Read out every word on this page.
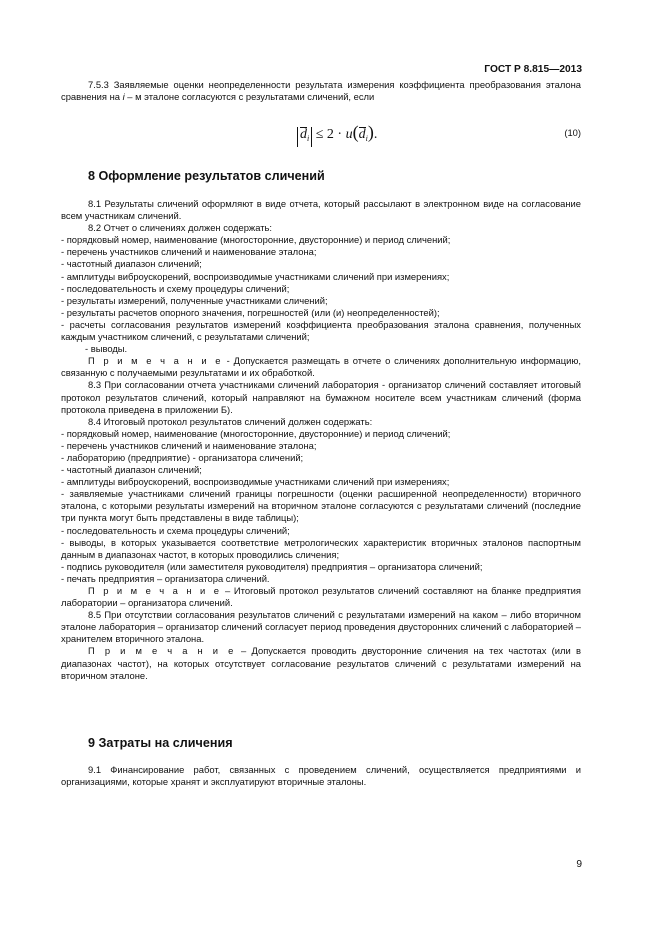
ГОСТ Р 8.815—2013

7.5.3 Заявляемые оценки неопределенности результата измерения коэффициента преобразования эталона сравнения на i – м эталоне согласуются с результатами сличений, если

$d_i \le 2 \cdot u(d_i)$.	(10)
8 Оформление результатов сличений

8.1 Результаты сличений оформляют в виде отчета, который рассылают в электронном виде на согласование всем участникам сличений.

8.2 Отчет о сличениях должен содержать:

- порядковый номер, наименование (многосторонние, двусторонние) и период сличений;

- перечень участников сличений и наименование эталона;

- частотный диапазон сличений;

- амплитуды виброускорений, воспроизводимые участниками сличений при измерениях;

- последовательность и схему процедуры сличений;

- результаты измерений, полученные участниками сличений;

- результаты расчетов опорного значения, погрешностей (или (и) неопределенностей);

- расчеты согласования результатов измерений коэффициента преобразования эталона сравнения, полученных каждым участником сличений, с результатами сличений;

- выводы.

П р и м е ч а н и е - Допускается размещать в отчете о сличениях дополнительную информацию, связанную с получаемыми результатами и их обработкой.

8.3 При согласовании отчета участниками сличений лаборатория - организатор сличений составляет итоговый протокол результатов сличений, который направляют на бумажном носителе всем участникам сличений (форма протокола приведена в приложении Б).

8.4 Итоговый протокол результатов сличений должен содержать:

- порядковый номер, наименование (многосторонние, двусторонние) и период сличений;

- перечень участников сличений и наименование эталона;

- лабораторию (предприятие) - организатора сличений;

- частотный диапазон сличений;

- амплитуды виброускорений, воспроизводимые участниками сличений при измерениях;

- заявляемые участниками сличений границы погрешности (оценки расширенной неопределенности) вторичного эталона, с которыми результаты измерений на вторичном эталоне согласуются с результатами сличений (последние три пункта могут быть представлены в виде таблицы);

- последовательность и схема процедуры сличений;

- выводы, в которых указывается соответствие метрологических характеристик вторичных эталонов паспортным данным в диапазонах частот, в которых проводились сличения;

- подпись руководителя (или заместителя руководителя) предприятия – организатора сличений;

- печать предприятия – организатора сличений.

П р и м е ч а н и е – Итоговый протокол результатов сличений составляют на бланке предприятия лаборатории – организатора сличений.

8.5 При отсутствии согласования результатов сличений с результатами измерений на каком – либо вторичном эталоне лаборатория – организатор сличений согласует период проведения двусторонних сличений с лабораторией – хранителем вторичного эталона.

П р и м е ч а н и е – Допускается проводить двусторонние сличения на тех частотах (или в диапазонах частот), на которых отсутствует согласование результатов сличений с результатами измерений на вторичном эталоне.

9 Затраты на сличения

9.1 Финансирование работ, связанных с проведением сличений, осуществляется предприятиями и организациями, которые хранят и эксплуатируют вторичные эталоны.

9
